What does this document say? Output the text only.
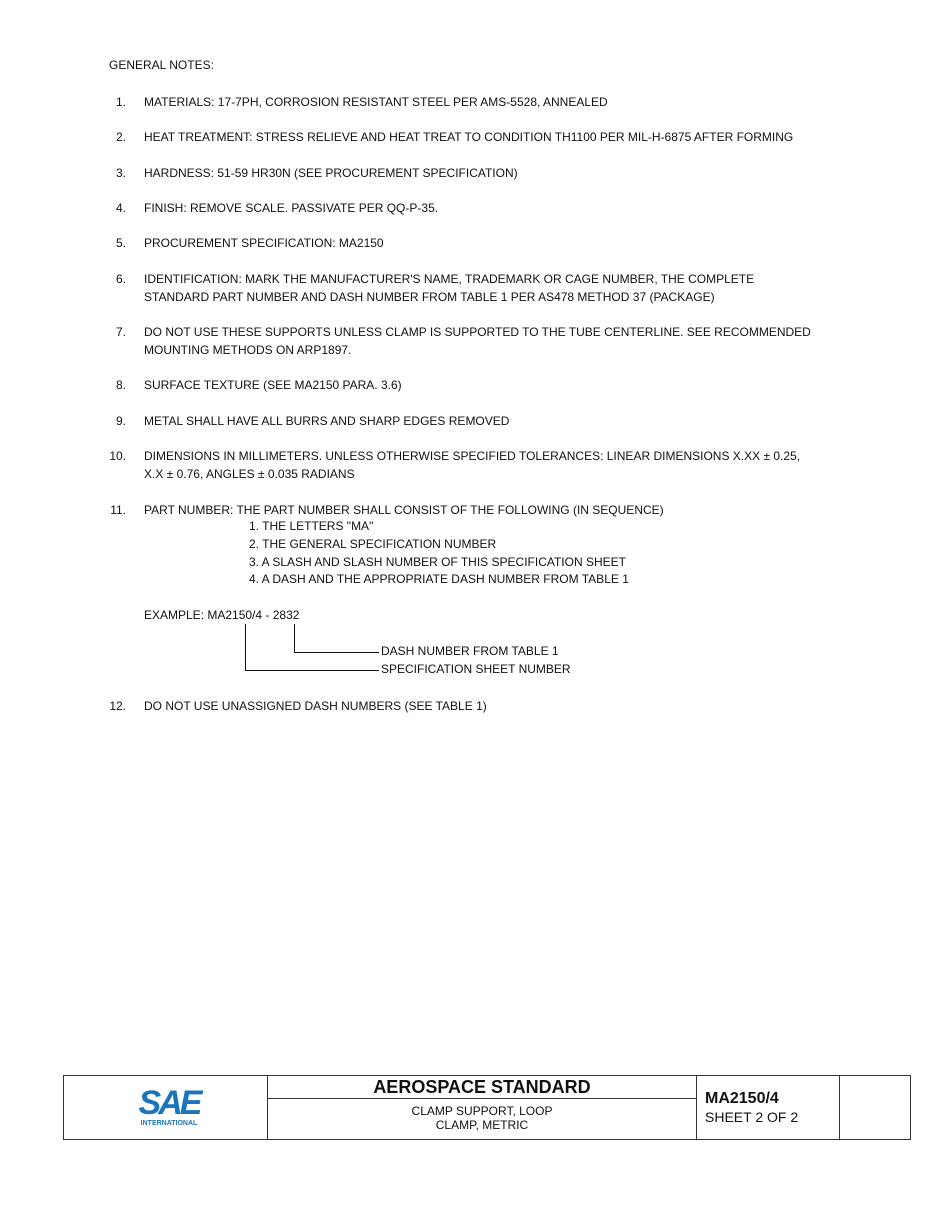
GENERAL NOTES:
1. MATERIALS: 17-7PH, CORROSION RESISTANT STEEL PER AMS-5528, ANNEALED
2. HEAT TREATMENT: STRESS RELIEVE AND HEAT TREAT TO CONDITION TH1100 PER MIL-H-6875 AFTER FORMING
3. HARDNESS: 51-59 HR30N (SEE PROCUREMENT SPECIFICATION)
4. FINISH: REMOVE SCALE. PASSIVATE PER QQ-P-35.
5. PROCUREMENT SPECIFICATION: MA2150
6. IDENTIFICATION: MARK THE MANUFACTURER'S NAME, TRADEMARK OR CAGE NUMBER, THE COMPLETE
STANDARD PART NUMBER AND DASH NUMBER FROM TABLE 1 PER AS478 METHOD 37 (PACKAGE)
7. DO NOT USE THESE SUPPORTS UNLESS CLAMP IS SUPPORTED TO THE TUBE CENTERLINE. SEE RECOMMENDED
MOUNTING METHODS ON ARP1897.
8. SURFACE TEXTURE (SEE MA2150 PARA. 3.6)
9. METAL SHALL HAVE ALL BURRS AND SHARP EDGES REMOVED
10. DIMENSIONS IN MILLIMETERS. UNLESS OTHERWISE SPECIFIED TOLERANCES: LINEAR DIMENSIONS X.XX ± 0.25,
X.X ± 0.76, ANGLES ± 0.035 RADIANS
11. PART NUMBER: THE PART NUMBER SHALL CONSIST OF THE FOLLOWING (IN SEQUENCE)
1. THE LETTERS "MA"
2. THE GENERAL SPECIFICATION NUMBER
3. A SLASH AND SLASH NUMBER OF THIS SPECIFICATION SHEET
4. A DASH AND THE APPROPRIATE DASH NUMBER FROM TABLE 1
EXAMPLE: MA2150/4 - 2832
DASH NUMBER FROM TABLE 1
SPECIFICATION SHEET NUMBER
12. DO NOT USE UNASSIGNED DASH NUMBERS (SEE TABLE 1)
SAE
INTERNATIONAL
AEROSPACE STANDARD
CLAMP SUPPORT, LOOP
CLAMP, METRIC
MA2150/4
SHEET 2 OF 2
